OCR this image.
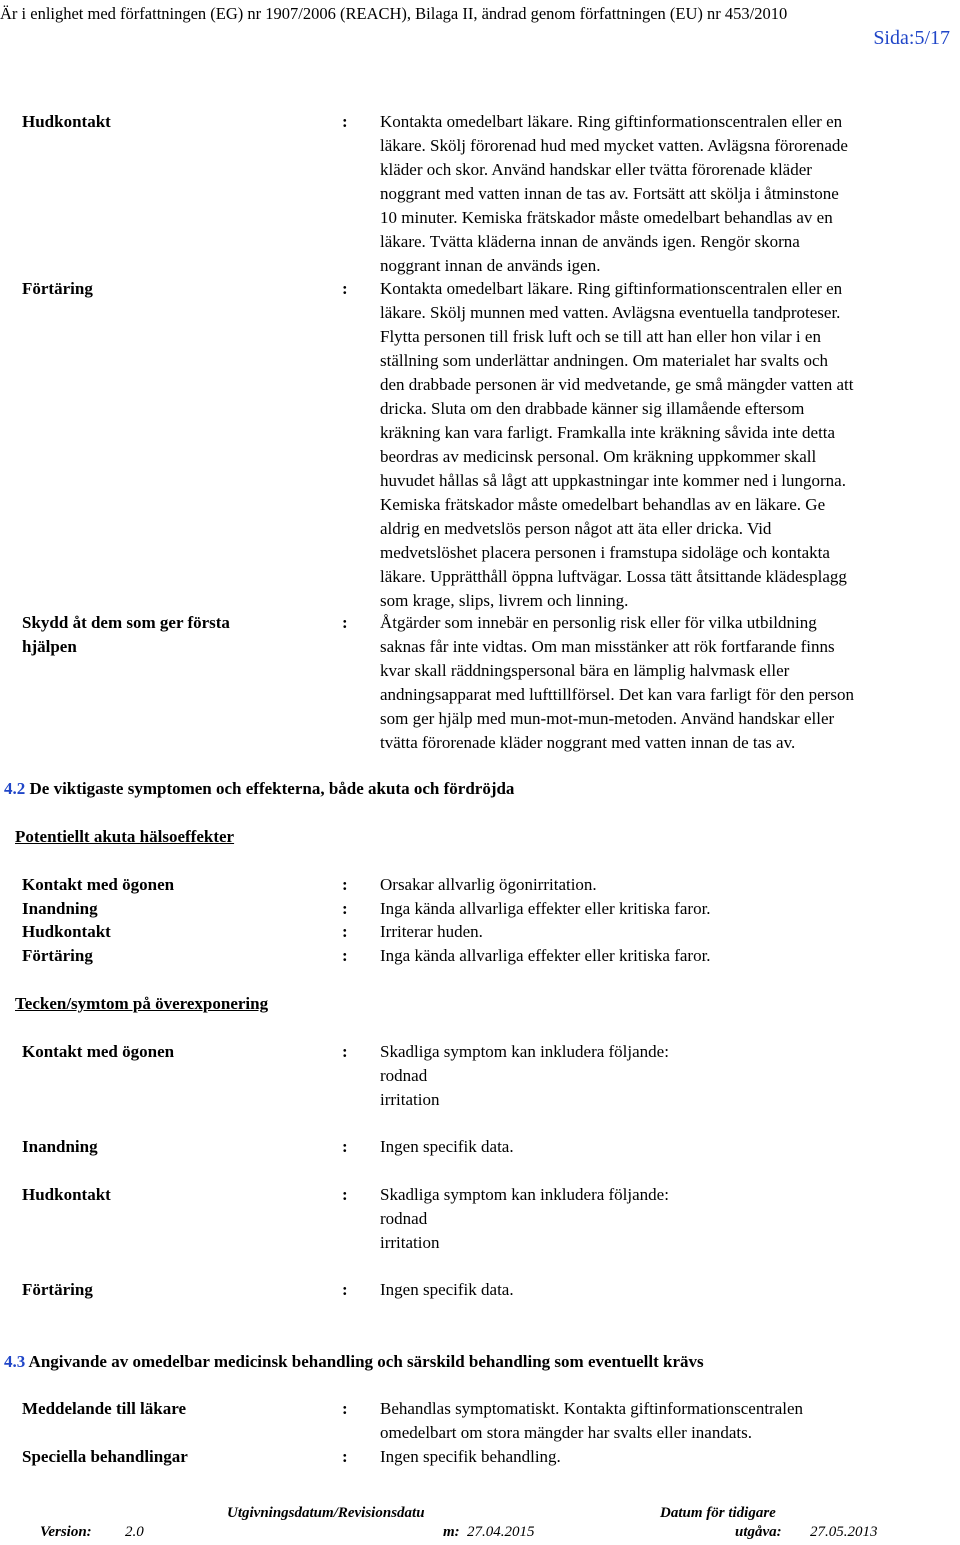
Är i enlighet med författningen (EG) nr 1907/2006 (REACH), Bilaga II, ändrad genom författningen (EU) nr 453/2010
Sida:5/17
Hudkontakt	: Kontakta omedelbart läkare. Ring giftinformationscentralen eller en
läkare. Skölj förorenad hud med mycket vatten. Avlägsna förorenade
kläder och skor. Använd handskar eller tvätta förorenade kläder
noggrant med vatten innan de tas av. Fortsätt att skölja i åtminstone
10 minuter. Kemiska frätskador måste omedelbart behandlas av en
läkare. Tvätta kläderna innan de används igen. Rengör skorna
noggrant innan de används igen.
Förtäring	: Kontakta omedelbart läkare. Ring giftinformationscentralen eller en
läkare. Skölj munnen med vatten. Avlägsna eventuella tandproteser.
Flytta personen till frisk luft och se till att han eller hon vilar i en
ställning som underlättar andningen. Om materialet har svalts och
den drabbade personen är vid medvetande, ge små mängder vatten att
dricka. Sluta om den drabbade känner sig illamående eftersom
kräkning kan vara farligt. Framkalla inte kräkning såvida inte detta
beordras av medicinsk personal. Om kräkning uppkommer skall
huvudet hållas så lågt att uppkastningar inte kommer ned i lungorna.
Kemiska frätskador måste omedelbart behandlas av en läkare. Ge
aldrig en medvetslös person något att äta eller dricka. Vid
medvetslöshet placera personen i framstupa sidoläge och kontakta
läkare. Upprätthåll öppna luftvägar. Lossa tätt åtsittande klädesplagg
som krage, slips, livrem och linning.
Skydd åt dem som ger första
hjälpen
: Åtgärder som innebär en personlig risk eller för vilka utbildning
saknas får inte vidtas. Om man misstänker att rök fortfarande finns
kvar skall räddningspersonal bära en lämplig halvmask eller
andningsapparat med lufttillförsel. Det kan vara farligt för den person
som ger hjälp med mun-mot-mun-metoden. Använd handskar eller
tvätta förorenade kläder noggrant med vatten innan de tas av.
4.2 De viktigaste symptomen och effekterna, både akuta och fördröjda
Potentiellt akuta hälsoeffekter
Kontakt med ögonen	: Orsakar allvarlig ögonirritation.
Inandning	: Inga kända allvarliga effekter eller kritiska faror.
Hudkontakt	: Irriterar huden.
Förtäring	: Inga kända allvarliga effekter eller kritiska faror.
Tecken/symtom på överexponering
Kontakt med ögonen	: Skadliga symptom kan inkludera följande:
rodnad
irritation
Inandning	: Ingen specifik data.
Hudkontakt	: Skadliga symptom kan inkludera följande:
rodnad
irritation
Förtäring	: Ingen specifik data.
4.3 Angivande av omedelbar medicinsk behandling och särskild behandling som eventuellt krävs
Meddelande till läkare	: Behandlas symptomatiskt. Kontakta giftinformationscentralen
omedelbart om stora mängder har svalts eller inandats.
Speciella behandlingar	: Ingen specifik behandling.
Version: 2.0
Utgivningsdatum/Revisionsdatu
m: 27.04.2015
Datum för tidigare
utgåva: 27.05.2013
